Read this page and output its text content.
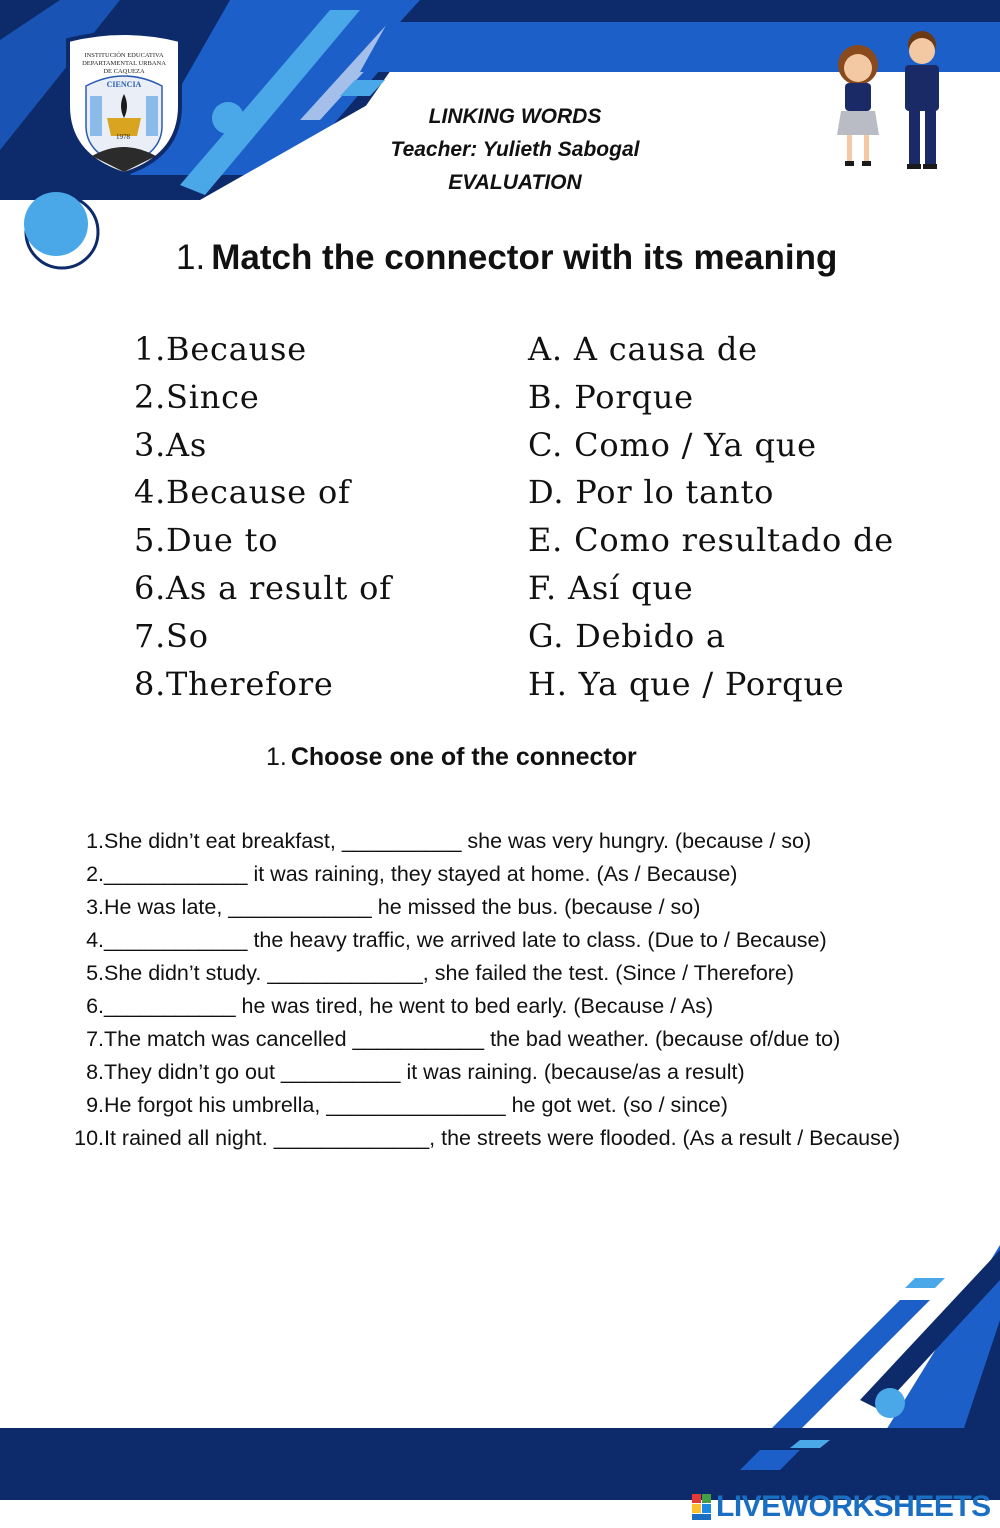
INSTITUCIÓN EDUCATIVA DEPARTAMENTAL URBANA DE CAQUEZA
CIENCIA
1978
LINKING WORDS
Teacher: Yulieth Sabogal
EVALUATION
1. Match the connector with its meaning
1.Because
2.Since
3.As
4.Because of
5.Due to
6.As a result of
7.So
8.Therefore
A. A causa de
B. Porque
C. Como / Ya que
D. Por lo tanto
E. Como resultado de
F. Así que
G. Debido a
H. Ya que / Porque
1. Choose one of the connector
1. She didn’t eat breakfast, __________ she was very hungry. (because / so)
2. ____________ it was raining, they stayed at home. (As / Because)
3. He was late, ____________ he missed the bus. (because / so)
4. ____________ the heavy traffic, we arrived late to class. (Due to / Because)
5. She didn’t study. _____________, she failed the test. (Since / Therefore)
6. ___________ he was tired, he went to bed early. (Because / As)
7. The match was cancelled ___________ the bad weather. (because of/due to)
8. They didn’t go out __________ it was raining. (because/as a result)
9. He forgot his umbrella, _______________ he got wet. (so / since)
10. It rained all night. _____________, the streets were flooded. (As a result / Because)
LIVEWORKSHEETS
